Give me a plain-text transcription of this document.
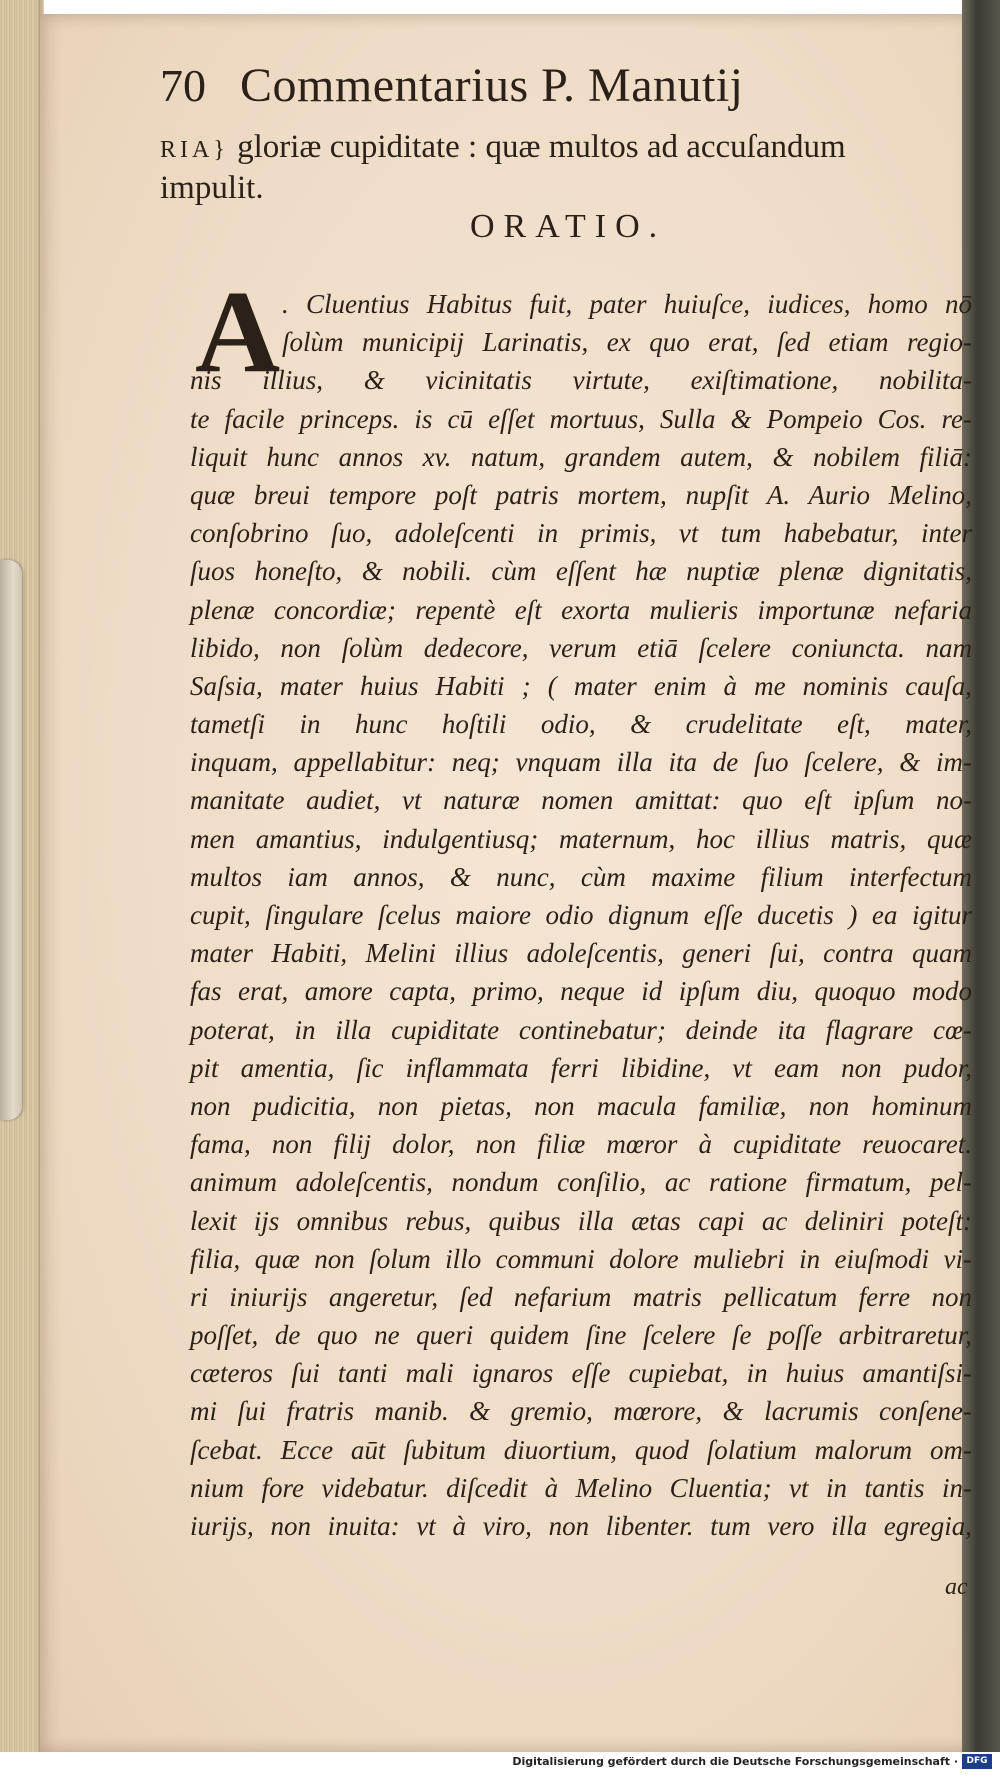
70 Commentarius P. Manutij
RIA} gloriæ cupiditate : quæ multos ad accuſandum
impulit.
ORATIO.
A . Cluentius Habitus fuit, pater huiuſce, iudices, homo nō
ſolùm municipij Larinatis, ex quo erat, ſed etiam regio-
nis illius, & vicinitatis virtute, exiſtimatione, nobilita-
te facile princeps. is cū eſſet mortuus, Sulla & Pompeio Cos. re-
liquit hunc annos xv. natum, grandem autem, & nobilem filiā:
quæ breui tempore poſt patris mortem, nupſit A. Aurio Melino,
conſobrino ſuo, adoleſcenti in primis, vt tum habebatur, inter
ſuos honeſto, & nobili. cùm eſſent hæ nuptiæ plenæ dignitatis,
plenæ concordiæ; repentè eſt exorta mulieris importunæ nefaria
libido, non ſolùm dedecore, verum etiā ſcelere coniuncta. nam
Saſsia, mater huius Habiti ; ( mater enim à me nominis cauſa,
tametſi in hunc hoſtili odio, & crudelitate eſt, mater,
inquam, appellabitur: neq; vnquam illa ita de ſuo ſcelere, & im-
manitate audiet, vt naturæ nomen amittat: quo eſt ipſum no-
men amantius, indulgentiusq; maternum, hoc illius matris, quæ
multos iam annos, & nunc, cùm maxime filium interfectum
cupit, ſingulare ſcelus maiore odio dignum eſſe ducetis ) ea igitur
mater Habiti, Melini illius adoleſcentis, generi ſui, contra quam
fas erat, amore capta, primo, neque id ipſum diu, quoquo modo
poterat, in illa cupiditate continebatur; deinde ita flagrare cœ-
pit amentia, ſic inflammata ferri libidine, vt eam non pudor,
non pudicitia, non pietas, non macula familiæ, non hominum
fama, non filij dolor, non filiæ mœror à cupiditate reuocaret.
animum adoleſcentis, nondum conſilio, ac ratione firmatum, pel-
lexit ijs omnibus rebus, quibus illa ætas capi ac deliniri poteſt:
filia, quæ non ſolum illo communi dolore muliebri in eiuſmodi vi-
ri iniurijs angeretur, ſed nefarium matris pellicatum ferre non
poſſet, de quo ne queri quidem ſine ſcelere ſe poſſe arbitraretur,
cæteros ſui tanti mali ignaros eſſe cupiebat, in huius amantiſsi-
mi ſui fratris manib. & gremio, mœrore, & lacrumis conſene-
ſcebat. Ecce aūt ſubitum diuortium, quod ſolatium malorum om-
nium fore videbatur. diſcedit à Melino Cluentia; vt in tantis in-
iurijs, non inuita: vt à viro, non libenter. tum vero illa egregia,
ac
Digitalisierung gefördert durch die Deutsche Forschungsgemeinschaft · DFG
